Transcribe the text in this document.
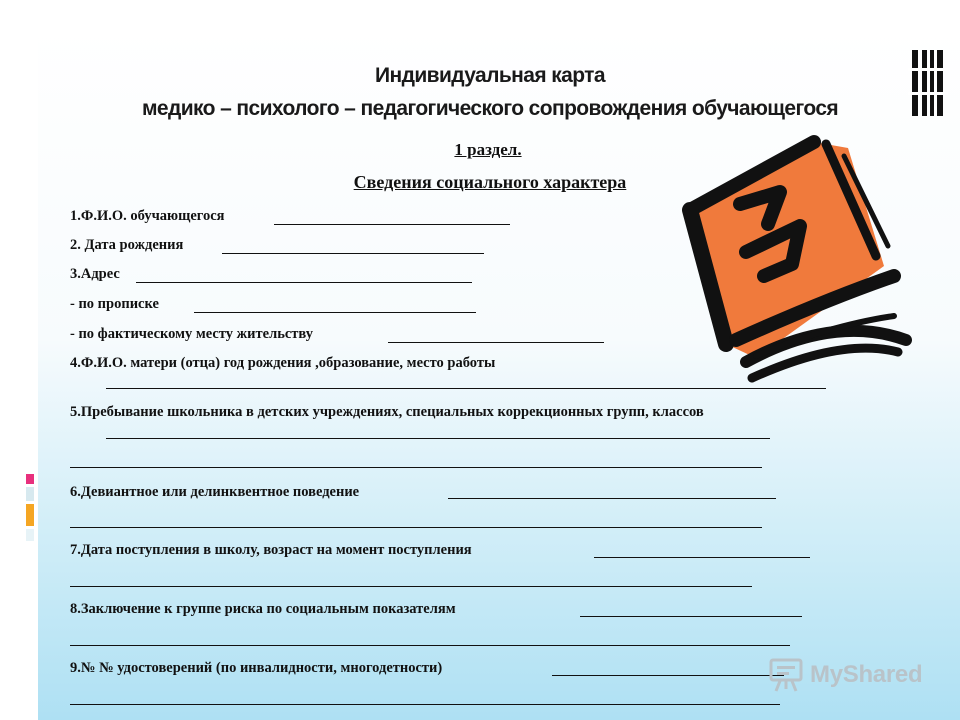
Индивидуальная карта
медико – психолого – педагогического сопровождения обучающегося
1 раздел.
Сведения социального характера
1.Ф.И.О. обучающегося
2. Дата рождения
3.Адрес
- по прописке
- по фактическому месту жительству
4.Ф.И.О. матери (отца) год рождения ,образование, место работы
5.Пребывание школьника в детских учреждениях, специальных коррекционных групп, классов
6.Девиантное или делинквентное поведение
7.Дата поступления в школу, возраст на момент поступления
8.Заключение к группе риска по социальным показателям
9.№ № удостоверений (по инвалидности, многодетности)	MyShared
